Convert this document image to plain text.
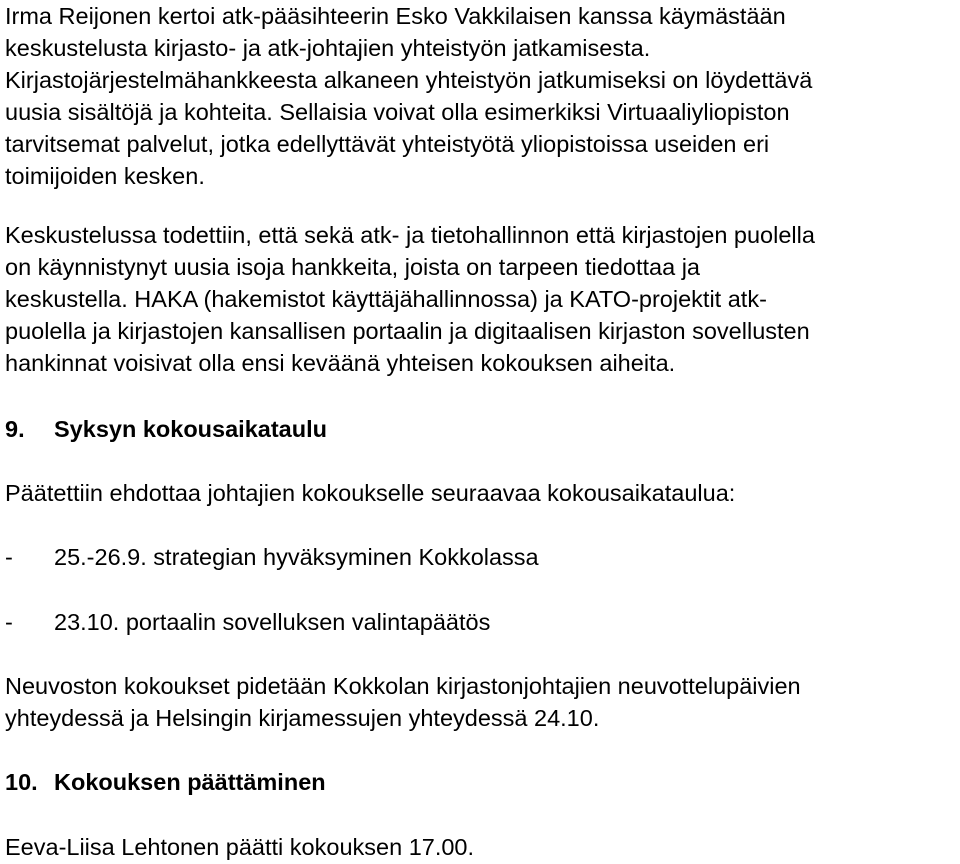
Irma Reijonen kertoi atk-pääsihteerin Esko Vakkilaisen kanssa käymästään
keskustelusta kirjasto- ja atk-johtajien yhteistyön jatkamisesta.
Kirjastojärjestelmähankkeesta alkaneen yhteistyön jatkumiseksi on löydettävä
uusia sisältöjä ja kohteita. Sellaisia voivat olla esimerkiksi Virtuaaliyliopiston
tarvitsemat palvelut, jotka edellyttävät yhteistyötä yliopistoissa useiden eri
toimijoiden kesken.
Keskustelussa todettiin, että sekä atk- ja tietohallinnon että kirjastojen puolella
on käynnistynyt uusia isoja hankkeita, joista on tarpeen tiedottaa ja
keskustella. HAKA (hakemistot käyttäjähallinnossa) ja KATO-projektit atk-
puolella ja kirjastojen kansallisen portaalin ja digitaalisen kirjaston sovellusten
hankinnat voisivat olla ensi keväänä yhteisen kokouksen aiheita.
9. Syksyn kokousaikataulu
Päätettiin ehdottaa johtajien kokoukselle seuraavaa kokousaikataulua:
- 25.-26.9. strategian hyväksyminen Kokkolassa
- 23.10. portaalin sovelluksen valintapäätös
Neuvoston kokoukset pidetään Kokkolan kirjastonjohtajien neuvottelupäivien
yhteydessä ja Helsingin kirjamessujen yhteydessä 24.10.
10. Kokouksen päättäminen
Eeva-Liisa Lehtonen päätti kokouksen 17.00.
